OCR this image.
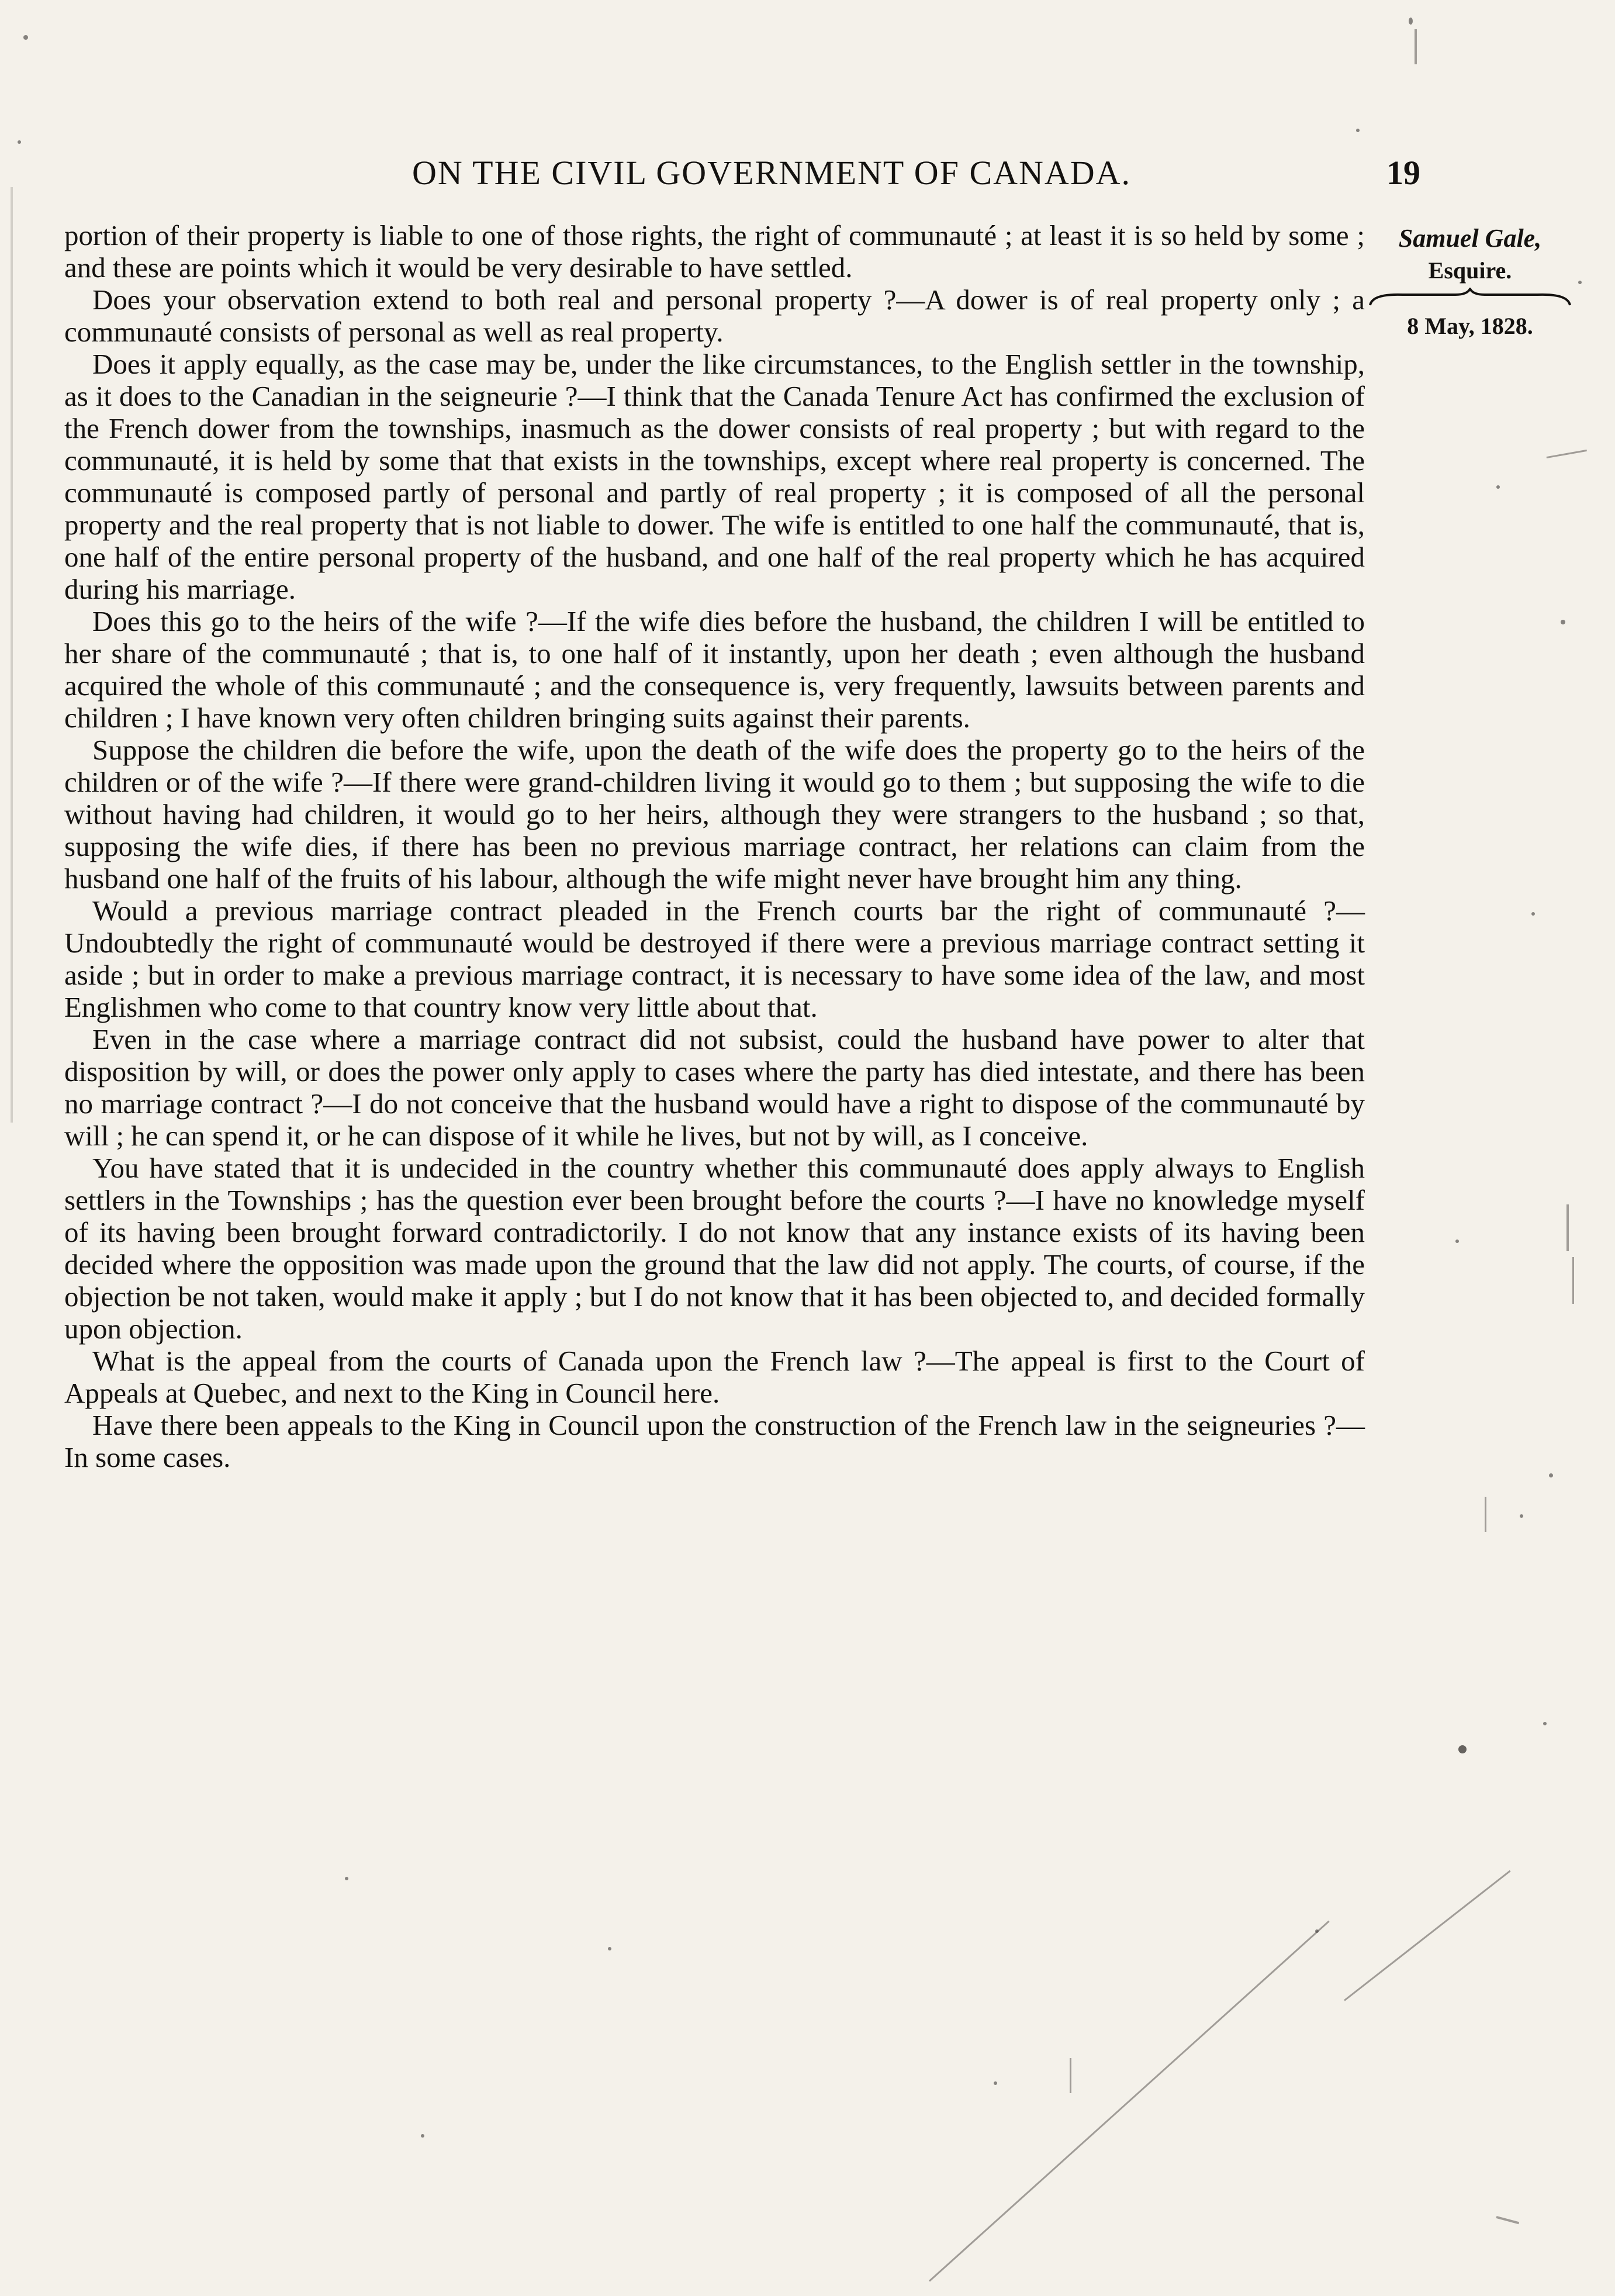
ON THE CIVIL GOVERNMENT OF CANADA.	19
Samuel Gale,
Esquire.
8 May, 1828.

portion of their property is liable to one of those rights, the right of communauté ; at least it is so held by some ; and these are points which it would be very desirable to have settled.

Does your observation extend to both real and personal property ?—A dower is of real property only ; a communauté consists of personal as well as real property.

Does it apply equally, as the case may be, under the like circumstances, to the English settler in the township, as it does to the Canadian in the seigneurie ?—I think that the Canada Tenure Act has confirmed the exclusion of the French dower from the townships, inasmuch as the dower consists of real property ; but with regard to the communauté, it is held by some that that exists in the townships, except where real property is concerned. The communauté is composed partly of personal and partly of real property ; it is composed of all the personal property and the real property that is not liable to dower. The wife is entitled to one half the communauté, that is, one half of the entire personal property of the husband, and one half of the real property which he has acquired during his marriage.

Does this go to the heirs of the wife ?—If the wife dies before the husband, the children I will be entitled to her share of the communauté ; that is, to one half of it instantly, upon her death ; even although the husband acquired the whole of this communauté ; and the consequence is, very frequently, lawsuits between parents and children ; I have known very often children bringing suits against their parents.

Suppose the children die before the wife, upon the death of the wife does the property go to the heirs of the children or of the wife ?—If there were grand-children living it would go to them ; but supposing the wife to die without having had children, it would go to her heirs, although they were strangers to the husband ; so that, supposing the wife dies, if there has been no previous marriage contract, her relations can claim from the husband one half of the fruits of his labour, although the wife might never have brought him any thing.

Would a previous marriage contract pleaded in the French courts bar the right of communauté ?—Undoubtedly the right of communauté would be destroyed if there were a previous marriage contract setting it aside ; but in order to make a previous marriage contract, it is necessary to have some idea of the law, and most Englishmen who come to that country know very little about that.

Even in the case where a marriage contract did not subsist, could the husband have power to alter that disposition by will, or does the power only apply to cases where the party has died intestate, and there has been no marriage contract ?—I do not conceive that the husband would have a right to dispose of the communauté by will ; he can spend it, or he can dispose of it while he lives, but not by will, as I conceive.

You have stated that it is undecided in the country whether this communauté does apply always to English settlers in the Townships ; has the question ever been brought before the courts ?—I have no knowledge myself of its having been brought forward contradictorily. I do not know that any instance exists of its having been decided where the opposition was made upon the ground that the law did not apply. The courts, of course, if the objection be not taken, would make it apply ; but I do not know that it has been objected to, and decided formally upon objection.

What is the appeal from the courts of Canada upon the French law ?—The appeal is first to the Court of Appeals at Quebec, and next to the King in Council here.

Have there been appeals to the King in Council upon the construction of the French law in the seigneuries ?—In some cases.
